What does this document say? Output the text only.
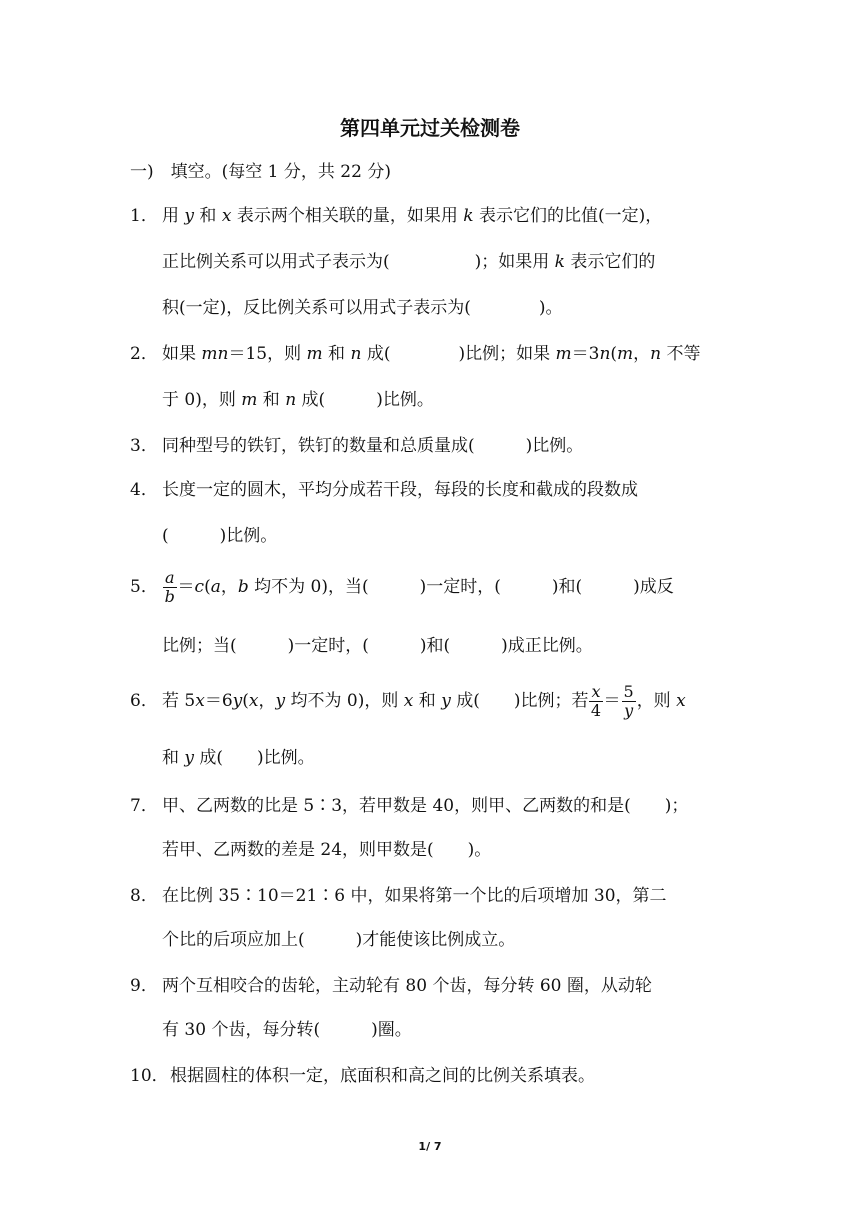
第四单元过关检测卷
一)　填空。(每空 1 分，共 22 分)
1． 用 y 和 x 表示两个相关联的量，如果用 k 表示它们的比值(一定)，
正比例关系可以用式子表示为(　　　　　)；如果用 k 表示它们的
积(一定)，反比例关系可以用式子表示为(　　　　)。
2． 如果 mn＝15，则 m 和 n 成(　　　　)比例；如果 m＝3n(m，n 不等
于 0)，则 m 和 n 成(　　　)比例。
3． 同种型号的铁钉，铁钉的数量和总质量成(　　　)比例。
4． 长度一定的圆木，平均分成若干段，每段的长度和截成的段数成
(　　　)比例。
5． $\frac{a}{b} =c(a$，b 均不为 0)，当(　　　)一定时，(　　　)和(　　　)成反
比例；当(　　　)一定时，(　　　)和(　　　)成正比例。
6． 若 5x＝6y(x，y 均不为 0)，则 x 和 y 成(　　)比例；若 $\frac{x}{4} = \frac{5}{y}$ ，则 x
和 y 成(　　)比例。
7． 甲、乙两数的比是 5∶3，若甲数是 40，则甲、乙两数的和是(　　)；
若甲、乙两数的差是 24，则甲数是(　　)。
8． 在比例 35∶10＝21∶6 中，如果将第一个比的后项增加 30，第二
个比的后项应加上(　　　)才能使该比例成立。
9． 两个互相咬合的齿轮，主动轮有 80 个齿，每分转 60 圈，从动轮
有 30 个齿，每分转(　　　)圈。
10．根据圆柱的体积一定，底面积和高之间的比例关系填表。
1/ 7
